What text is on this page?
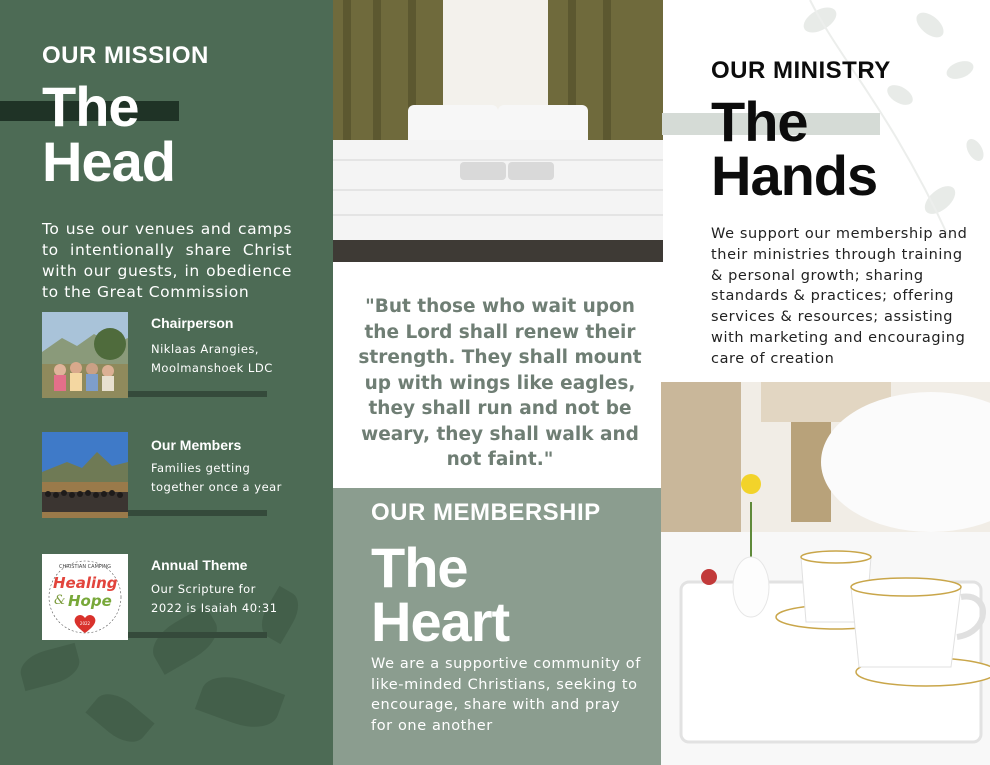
OUR MISSION
The
Head
To use our venues and camps to intentionally share Christ with our guests, in obedience to the Great Commission
Chairperson
Niklaas Arangies,
Moolmanshoek LDC
Our Members
Families getting
together once a year
CHRISTIAN CAMPING
Healing
& Hope
2022
Annual Theme
Our Scripture for
2022 is Isaiah 40:31
"But those who wait upon the Lord shall renew their strength. They shall mount up with wings like eagles, they shall run and not be weary, they shall walk and not faint."
OUR MEMBERSHIP
The
Heart
We are a supportive community of like-minded Christians, seeking to encourage, share with and pray for one another
OUR MINISTRY
The
Hands
We support our membership and their ministries through training & personal growth; sharing standards & practices; offering services & resources; assisting with marketing and encouraging care of creation
